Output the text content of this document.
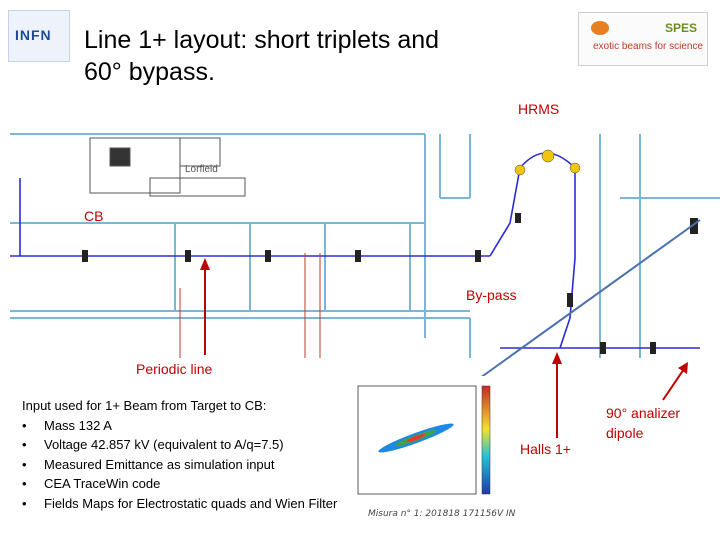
INFN	SPES
exotic beams for science
Line 1+ layout: short triplets and
60° bypass.
Lorfield
HRMS
CB
By-pass
Periodic line
Halls 1+
90° analizer dipole
Input used for 1+ Beam from Target to CB:
• Mass 132 A
• Voltage 42.857 kV (equivalent to A/q=7.5)
• Measured Emittance as simulation input
• CEA TraceWin code
• Fields Maps for Electrostatic quads and Wien Filter
Misura n° 1: 201818 171156V IN
